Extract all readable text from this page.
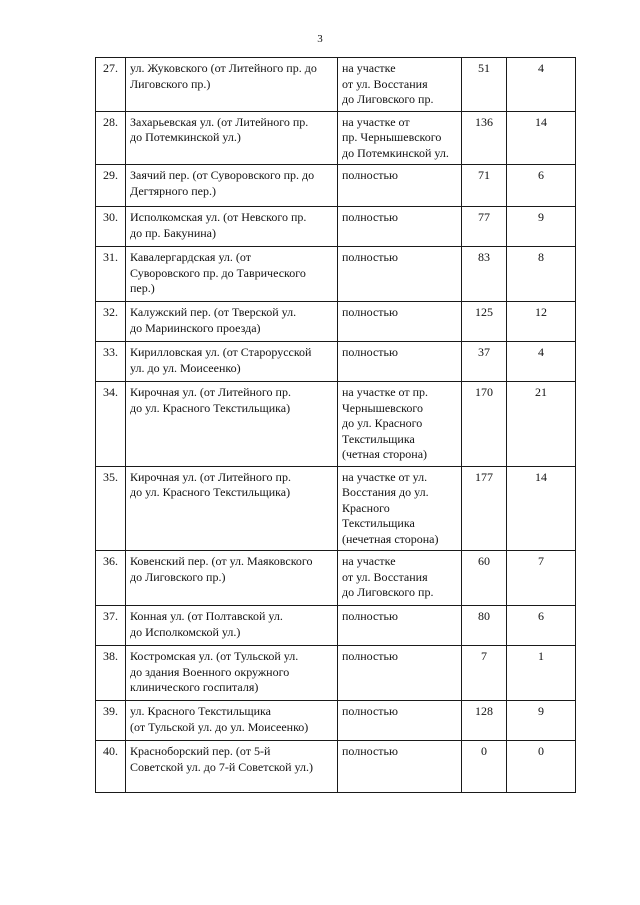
3
27.	ул. Жуковского (от Литейного пр. до
Лиговского пр.)	на участке
от ул. Восстания
до Лиговского пр.	51	4
28.	Захарьевская ул. (от Литейного пр.
до Потемкинской ул.)	на участке от
пр. Чернышевского
до Потемкинской ул.	136	14
29.	Заячий пер. (от Суворовского пр. до
Дегтярного пер.)	полностью	71	6
30.	Исполкомская ул. (от Невского пр.
до пр. Бакунина)	полностью	77	9
31.	Кавалергардская ул. (от
Суворовского пр. до Таврического
пер.)	полностью	83	8
32.	Калужский пер. (от Тверской ул.
до Мариинского проезда)	полностью	125	12
33.	Кирилловская ул. (от Старорусской
ул. до ул. Моисеенко)	полностью	37	4
34.	Кирочная ул. (от Литейного пр.
до ул. Красного Текстильщика)	на участке от пр.
Чернышевского
до ул. Красного
Текстильщика
(четная сторона)	170	21
35.	Кирочная ул. (от Литейного пр.
до ул. Красного Текстильщика)	на участке от ул.
Восстания до ул.
Красного
Текстильщика
(нечетная сторона)	177	14
36.	Ковенский пер. (от ул. Маяковского
до Лиговского пр.)	на участке
от ул. Восстания
до Лиговского пр.	60	7
37.	Конная ул. (от Полтавской ул.
до Исполкомской ул.)	полностью	80	6
38.	Костромская ул. (от Тульской ул.
до здания Военного окружного
клинического госпиталя)	полностью	7	1
39.	ул. Красного Текстильщика
(от Тульской ул. до ул. Моисеенко)	полностью	128	9
40.	Красноборский пер. (от 5-й
Советской ул. до 7-й Советской ул.)	полностью	0	0
